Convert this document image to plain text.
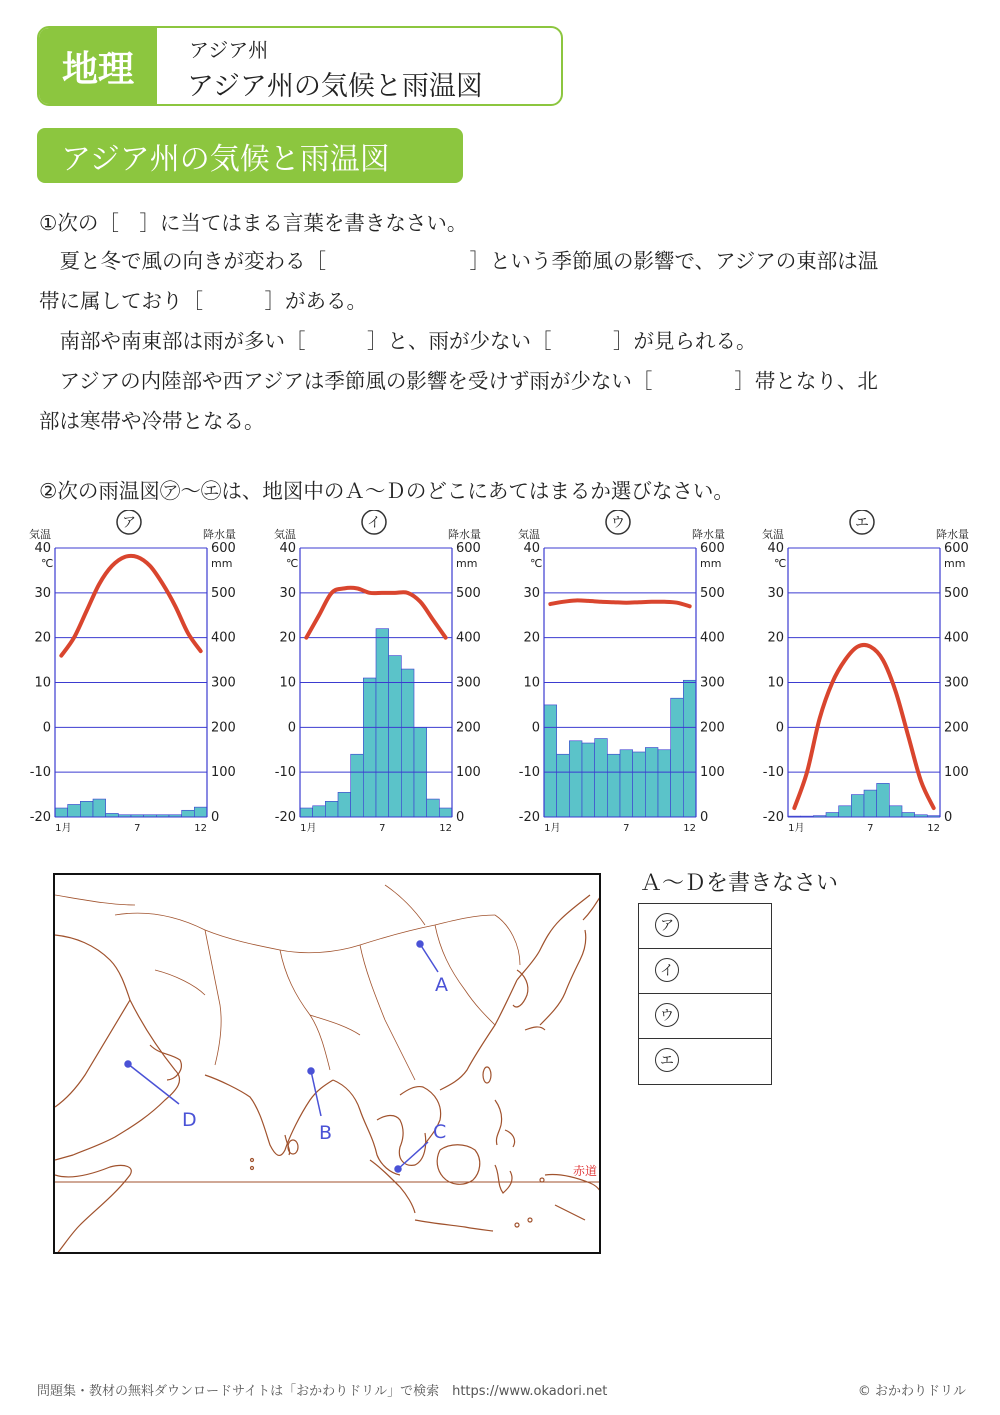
地理	アジア州
アジア州の気候と雨温図
アジア州の気候と雨温図
①次の［　］に当てはまる言葉を書きなさい。
　夏と冬で風の向きが変わる［　　　　　　　］という季節風の影響で、アジアの東部は温
帯に属しており［　　　］がある。
　南部や南東部は雨が多い［　　　］と、雨が少ない［　　　］が見られる。
　アジアの内陸部や西アジアは季節風の影響を受けず雨が少ない［　　　　］帯となり、北
部は寒帯や冷帯となる。
②次の雨温図㋐〜㋓は、地図中のＡ〜Ｄのどこにあてはまるか選びなさい。
40
30
20
10
0
-10
-20
600
500
400
300
200
100
0
気温	降水量
℃	mm
1月	7	12
ア
40
30
20
10
0
-10
-20
600
500
400
300
200
100
0
気温	降水量
℃	mm
1月	7	12
イ
40
30
20
10
0
-10
-20
600
500
400
300
200
100
0
気温	降水量
℃	mm
1月	7	12
ウ
40
30
20
10
0
-10
-20
600
500
400
300
200
100
0
気温	降水量
℃	mm
1月	7	12
エ
赤道
A
B	C
D
Ａ〜Ｄを書きなさい
ア
イ
ウ
エ
問題集・教材の無料ダウンロードサイトは「おかわりドリル」で検索　https://www.okadori.net	© おかわりドリル
